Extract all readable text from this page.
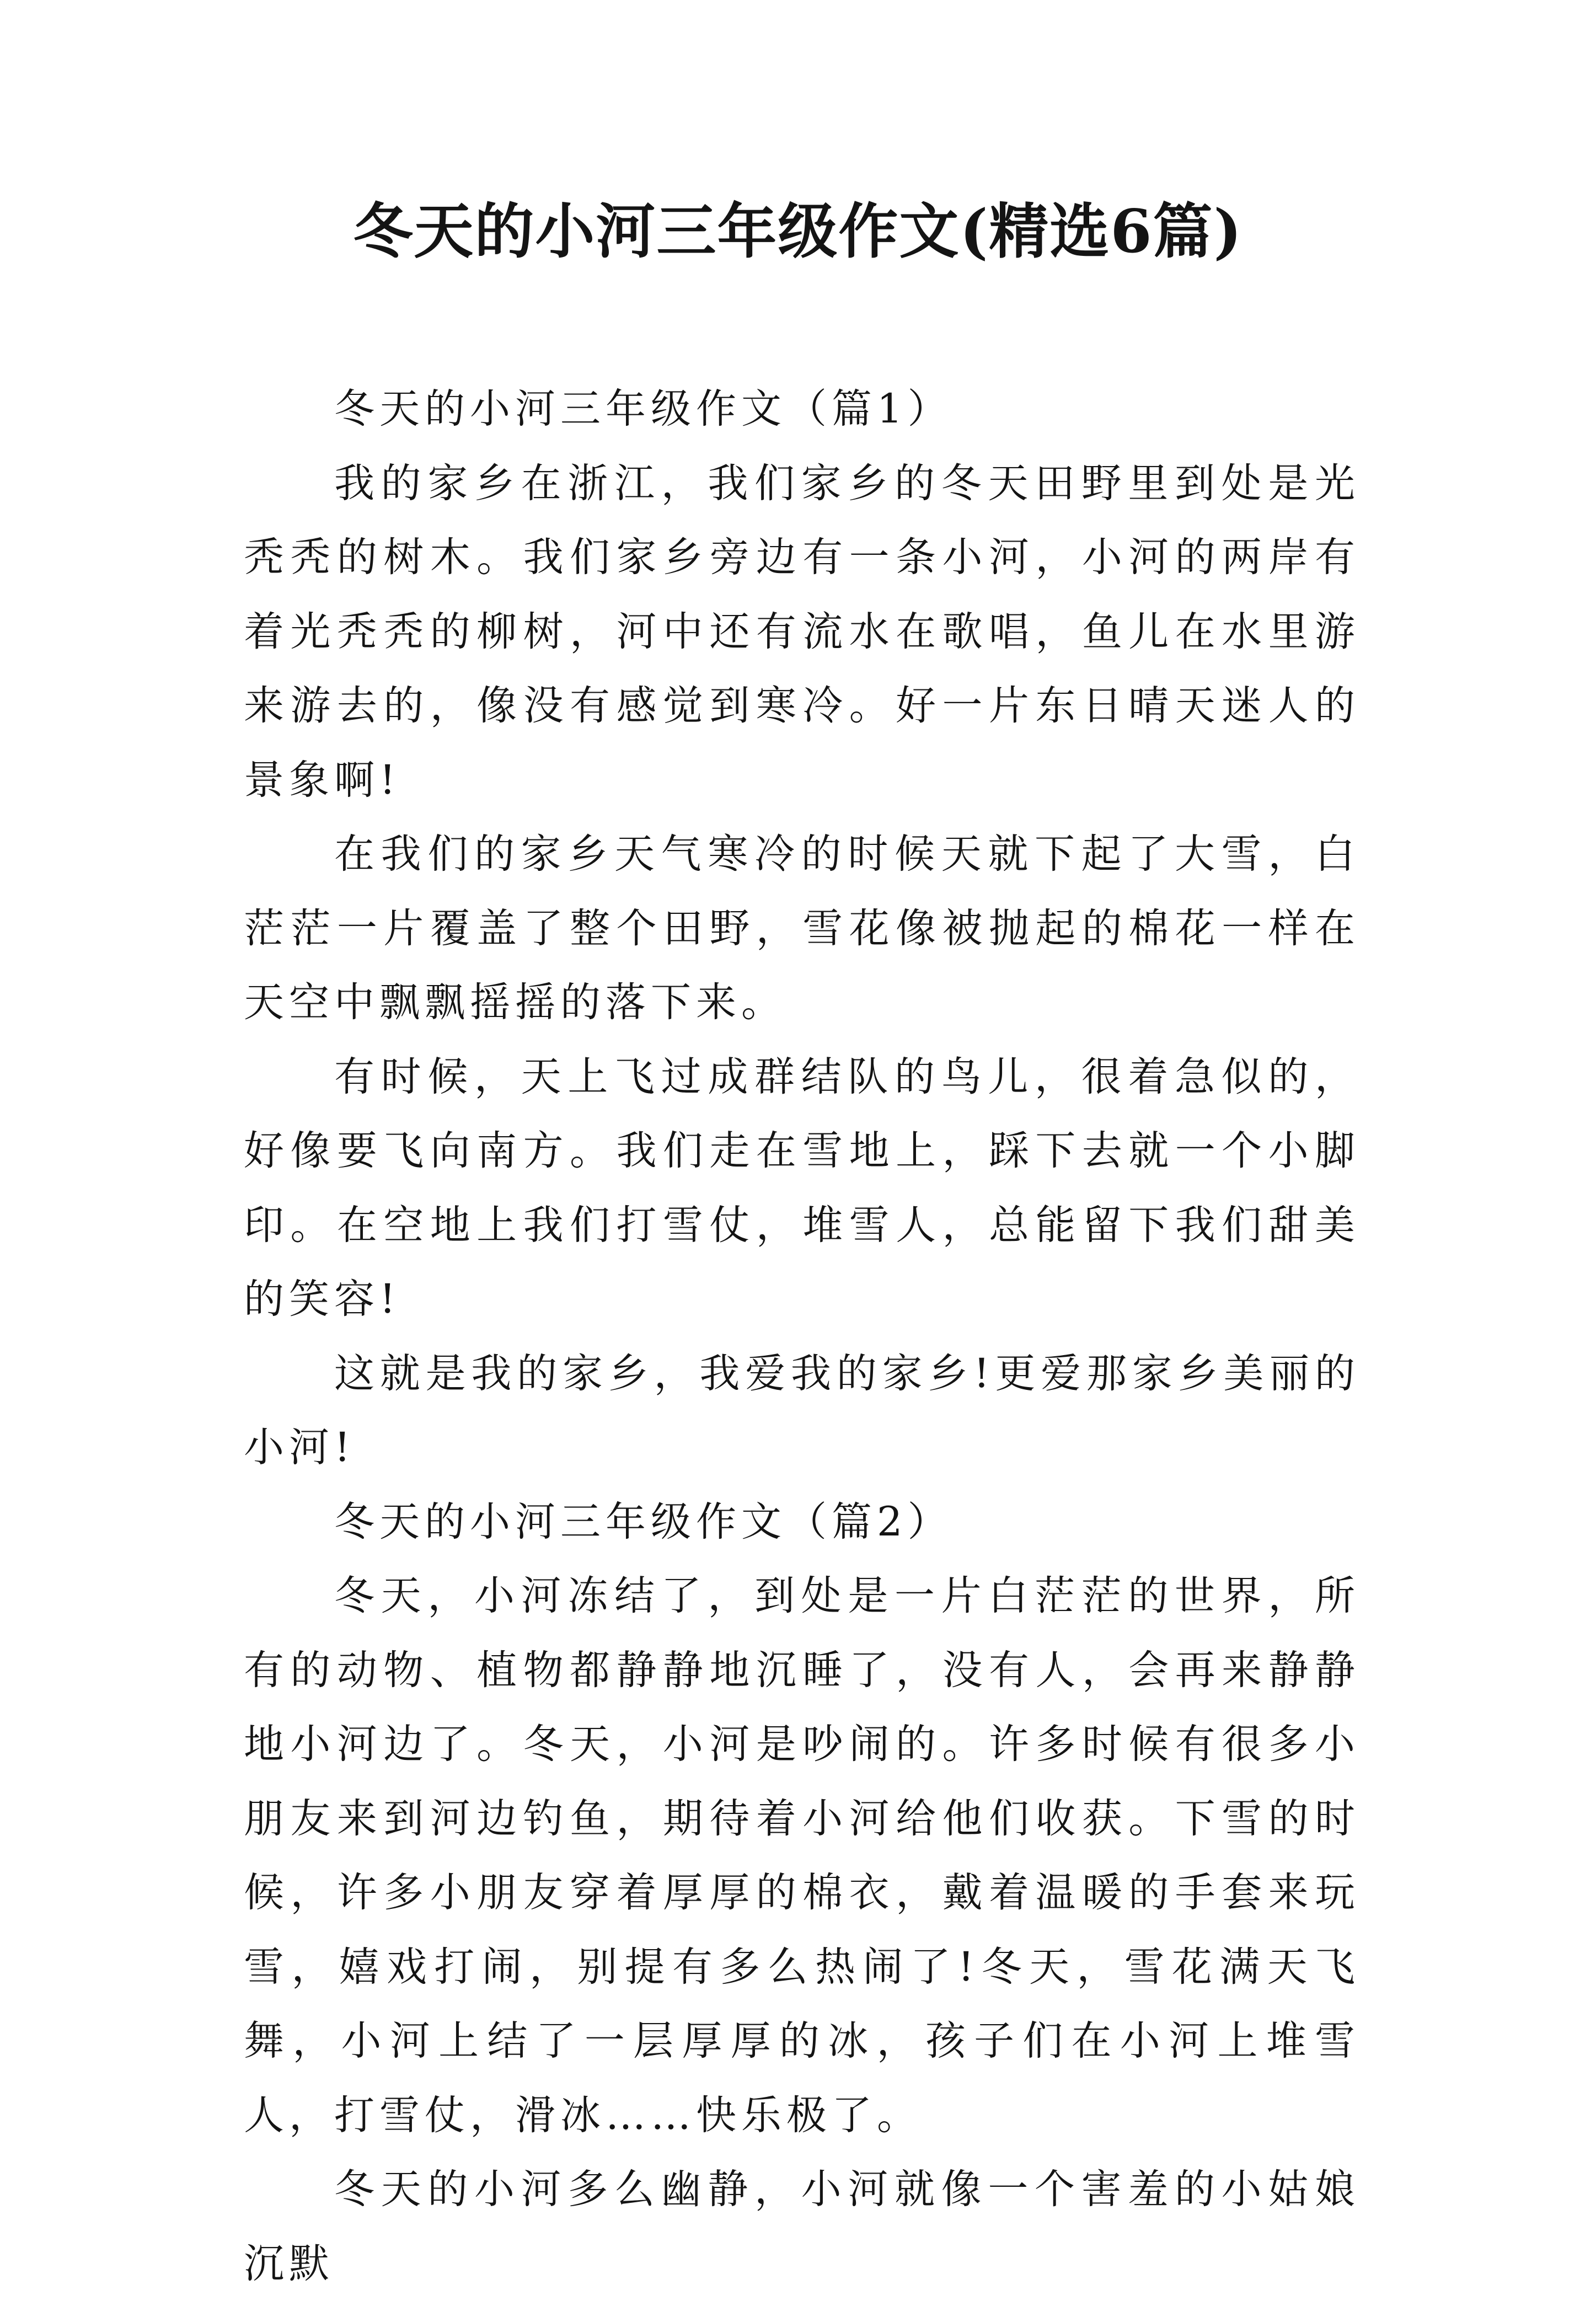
冬天的小河三年级作文(精选6篇)

冬天的小河三年级作文（篇1）

我的家乡在浙江，我们家乡的冬天田野里到处是光秃秃的树木。我们家乡旁边有一条小河，小河的两岸有着光秃秃的柳树，河中还有流水在歌唱，鱼儿在水里游来游去的，像没有感觉到寒冷。好一片东日晴天迷人的景象啊!

在我们的家乡天气寒冷的时候天就下起了大雪，白茫茫一片覆盖了整个田野，雪花像被抛起的棉花一样在天空中飘飘摇摇的落下来。

有时候，天上飞过成群结队的鸟儿，很着急似的，好像要飞向南方。我们走在雪地上，踩下去就一个小脚印。在空地上我们打雪仗，堆雪人，总能留下我们甜美的笑容!

这就是我的家乡，我爱我的家乡!更爱那家乡美丽的小河!

冬天的小河三年级作文（篇2）

冬天，小河冻结了，到处是一片白茫茫的世界，所有的动物、植物都静静地沉睡了，没有人，会再来静静地小河边了。冬天，小河是吵闹的。许多时候有很多小朋友来到河边钓鱼，期待着小河给他们收获。下雪的时候，许多小朋友穿着厚厚的棉衣，戴着温暖的手套来玩雪，嬉戏打闹，别提有多么热闹了!冬天，雪花满天飞舞，小河上结了一层厚厚的冰，孩子们在小河上堆雪人，打雪仗，滑冰……快乐极了。

冬天的小河多么幽静，小河就像一个害羞的小姑娘沉默
